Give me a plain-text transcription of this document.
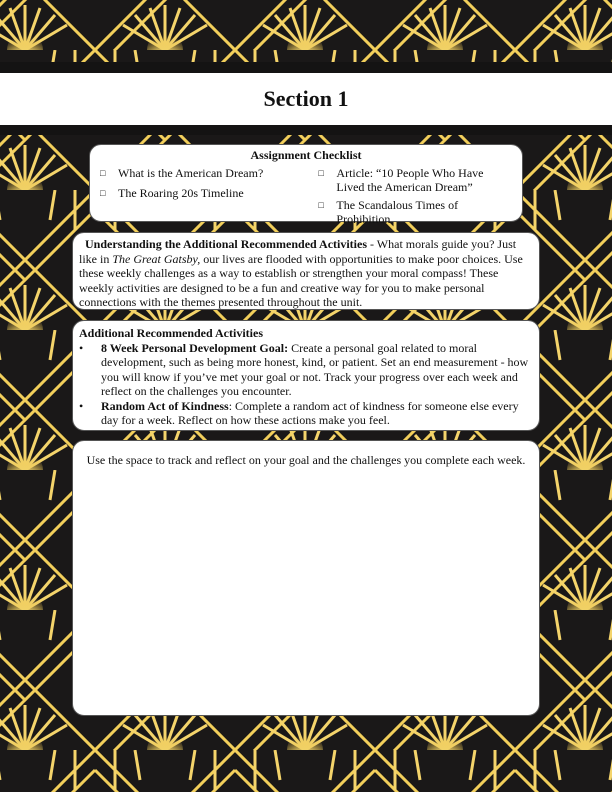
Section 1
Assignment Checklist
□	What is the American Dream?
□	The Roaring 20s Timeline
□	Article: “10 People Who Have Lived the American Dream”
□	The Scandalous Times of Prohibition

Understanding the Additional Recommended Activities - What morals guide you? Just like in The Great Gatsby, our lives are flooded with opportunities to make poor choices. Use these weekly challenges as a way to establish or strengthen your moral compass! These weekly activities are designed to be a fun and creative way for you to make personal connections with the themes presented throughout the unit.

Additional Recommended Activities
•	8 Week Personal Development Goal: Create a personal goal related to moral development, such as being more honest, kind, or patient. Set an end measurement - how you will know if you’ve met your goal or not. Track your progress over each week and reflect on the challenges you encounter.
•	Random Act of Kindness: Complete a random act of kindness for someone else every day for a week. Reflect on how these actions make you feel.
Use the space to track and reflect on your goal and the challenges you complete each week.
